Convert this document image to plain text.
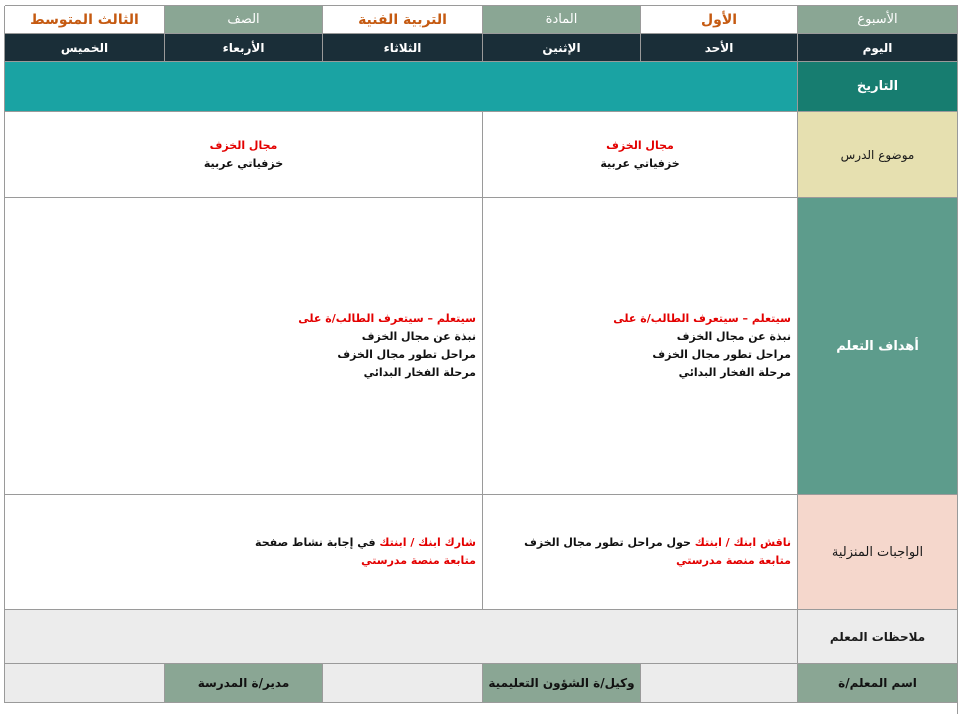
الأسبوع
الأول
المادة
التربية الفنية
الصف
الثالث المتوسط
اليوم
الأحد
الإثنين
الثلاثاء
الأربعاء
الخميس
التاريخ
موضوع الدرس
مجال الخزف
خزفياتي عربية
مجال الخزف
خزفياتي عربية
أهداف التعلم
سيتعلم – سيتعرف الطالب/ة على
نبذة عن مجال الخزف
مراحل تطور مجال الخزف
مرحلة الفخار البدائي
سيتعلم – سيتعرف الطالب/ة على
نبذة عن مجال الخزف
مراحل تطور مجال الخزف
مرحلة الفخار البدائي
الواجبات المنزلية
ناقش ابنك / ابنتك حول مراحل تطور مجال الخزف
متابعة منصة مدرستي
شارك ابنك / ابنتك في إجابة نشاط صفحة
متابعة منصة مدرستي
ملاحظات المعلم
اسم المعلم/ة
وكيل/ة الشؤون التعليمية
مدير/ة المدرسة
